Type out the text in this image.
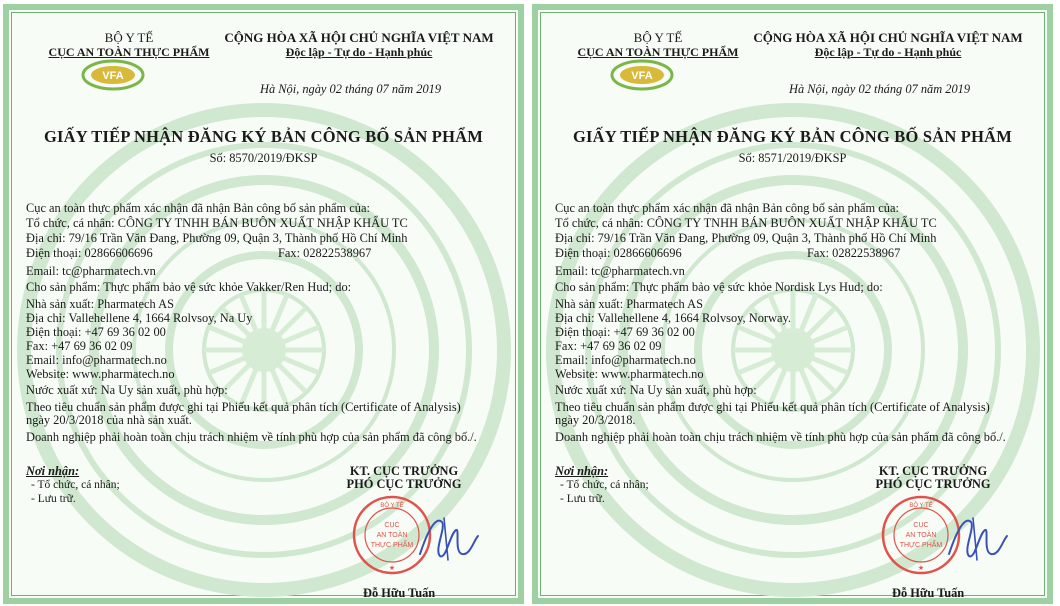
BỘ Y TẾ
CỤC AN TOÀN THỰC PHẨM
VFA
CỘNG HÒA XÃ HỘI CHỦ NGHĨA VIỆT NAM
Độc lập - Tự do - Hạnh phúc
Hà Nội, ngày 02 tháng 07 năm 2019
GIẤY TIẾP NHẬN ĐĂNG KÝ BẢN CÔNG BỐ SẢN PHẨM
Số: 8570/2019/ĐKSP
Cục an toàn thực phẩm xác nhận đã nhận Bản công bố sản phẩm của:
Tổ chức, cá nhân: CÔNG TY TNHH BÁN BUÔN XUẤT NHẬP KHẨU TC
Địa chỉ: 79/16 Trần Văn Đang, Phường 09, Quận 3, Thành phố Hồ Chí Minh
Điện thoại: 02866606696	Fax: 02822538967
Email: tc@pharmatech.vn
Cho sản phẩm: Thực phẩm bảo vệ sức khỏe Vakker/Ren Hud; do:
Nhà sản xuất: Pharmatech AS
Địa chỉ: Vallehellene 4, 1664 Rolvsoy, Na Uy
Điện thoại: +47 69 36 02 00
Fax: +47 69 36 02 09
Email: info@pharmatech.no
Website: www.pharmatech.no
Nước xuất xứ: Na Uy sản xuất, phù hợp:
Theo tiêu chuẩn sản phẩm được ghi tại Phiếu kết quả phân tích (Certificate of Analysis)
ngày 20/3/2018 của nhà sản xuất.
Doanh nghiệp phải hoàn toàn chịu trách nhiệm về tính phù hợp của sản phẩm đã công bố./.
Nơi nhận:
- Tổ chức, cá nhân;
- Lưu trữ.
KT. CỤC TRƯỞNG
PHÓ CỤC TRƯỞNG
BỘ Y TẾ
CỤC
AN TOÀN
THỰC PHẨM
★
Đỗ Hữu Tuấn
BỘ Y TẾ
CỤC AN TOÀN THỰC PHẨM
VFA
CỘNG HÒA XÃ HỘI CHỦ NGHĨA VIỆT NAM
Độc lập - Tự do - Hạnh phúc
Hà Nội, ngày 02 tháng 07 năm 2019
GIẤY TIẾP NHẬN ĐĂNG KÝ BẢN CÔNG BỐ SẢN PHẨM
Số: 8571/2019/ĐKSP
Cục an toàn thực phẩm xác nhận đã nhận Bản công bố sản phẩm của:
Tổ chức, cá nhân: CÔNG TY TNHH BÁN BUÔN XUẤT NHẬP KHẨU TC
Địa chỉ: 79/16 Trần Văn Đang, Phường 09, Quận 3, Thành phố Hồ Chí Minh
Điện thoại: 02866606696	Fax: 02822538967
Email: tc@pharmatech.vn
Cho sản phẩm: Thực phẩm bảo vệ sức khỏe Nordisk Lys Hud; do:
Nhà sản xuất: Pharmatech AS
Địa chỉ: Vallehellene 4, 1664 Rolvsoy, Norway.
Điện thoại: +47 69 36 02 00
Fax: +47 69 36 02 09
Email: info@pharmatech.no
Website: www.pharmatech.no
Nước xuất xứ: Na Uy sản xuất, phù hợp:
Theo tiêu chuẩn sản phẩm được ghi tại Phiếu kết quả phân tích (Certificate of Analysis)
ngày 20/3/2018.
Doanh nghiệp phải hoàn toàn chịu trách nhiệm về tính phù hợp của sản phẩm đã công bố./.
Nơi nhận:
- Tổ chức, cá nhân;
- Lưu trữ.
KT. CỤC TRƯỞNG
PHÓ CỤC TRƯỞNG
BỘ Y TẾ
CỤC
AN TOÀN
THỰC PHẨM
★
Đỗ Hữu Tuấn
